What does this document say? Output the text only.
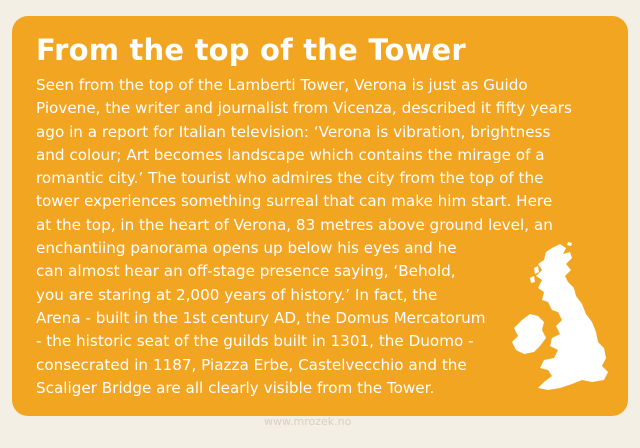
From the top of the Tower
Seen from the top of the Lamberti Tower, Verona is just as Guido
Piovene, the writer and journalist from Vicenza, described it fifty years
ago in a report for Italian television: ‘Verona is vibration, brightness
and colour; Art becomes landscape which contains the mirage of a
romantic city.’ The tourist who admires the city from the top of the
tower experiences something surreal that can make him start. Here
at the top, in the heart of Verona, 83 metres above ground level, an
enchantiing panorama opens up below his eyes and he
can almost hear an off-stage presence saying, ‘Behold,
you are staring at 2,000 years of history.’ In fact, the
Arena - built in the 1st century AD, the Domus Mercatorum
- the historic seat of the guilds built in 1301, the Duomo -
consecrated in 1187, Piazza Erbe, Castelvecchio and the
Scaliger Bridge are all clearly visible from the Tower.
www.mrozek.no
